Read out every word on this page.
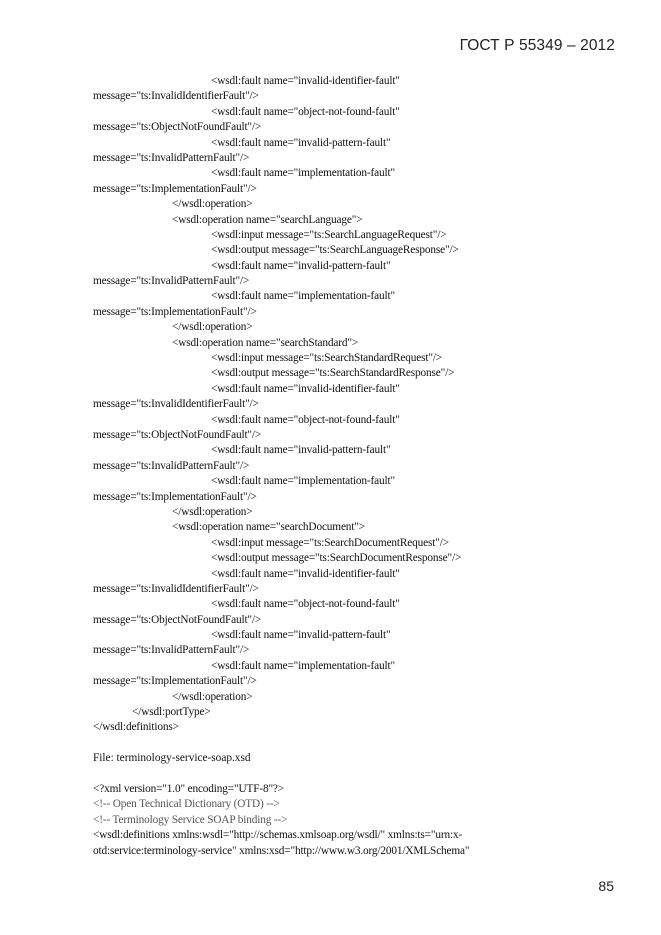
ГОСТ Р 55349 – 2012
<wsdl:fault name="invalid-identifier-fault"
message="ts:InvalidIdentifierFault"/>
<wsdl:fault name="object-not-found-fault"
message="ts:ObjectNotFoundFault"/>
<wsdl:fault name="invalid-pattern-fault"
message="ts:InvalidPatternFault"/>
<wsdl:fault name="implementation-fault"
message="ts:ImplementationFault"/>
</wsdl:operation>
<wsdl:operation name="searchLanguage">
<wsdl:input message="ts:SearchLanguageRequest"/>
<wsdl:output message="ts:SearchLanguageResponse"/>
<wsdl:fault name="invalid-pattern-fault"
message="ts:InvalidPatternFault"/>
<wsdl:fault name="implementation-fault"
message="ts:ImplementationFault"/>
</wsdl:operation>
<wsdl:operation name="searchStandard">
<wsdl:input message="ts:SearchStandardRequest"/>
<wsdl:output message="ts:SearchStandardResponse"/>
<wsdl:fault name="invalid-identifier-fault"
message="ts:InvalidIdentifierFault"/>
<wsdl:fault name="object-not-found-fault"
message="ts:ObjectNotFoundFault"/>
<wsdl:fault name="invalid-pattern-fault"
message="ts:InvalidPatternFault"/>
<wsdl:fault name="implementation-fault"
message="ts:ImplementationFault"/>
</wsdl:operation>
<wsdl:operation name="searchDocument">
<wsdl:input message="ts:SearchDocumentRequest"/>
<wsdl:output message="ts:SearchDocumentResponse"/>
<wsdl:fault name="invalid-identifier-fault"
message="ts:InvalidIdentifierFault"/>
<wsdl:fault name="object-not-found-fault"
message="ts:ObjectNotFoundFault"/>
<wsdl:fault name="invalid-pattern-fault"
message="ts:InvalidPatternFault"/>
<wsdl:fault name="implementation-fault"
message="ts:ImplementationFault"/>
</wsdl:operation>
</wsdl:portType>
</wsdl:definitions>
File: terminology-service-soap.xsd
<?xml version="1.0" encoding="UTF-8"?>
<!-- Open Technical Dictionary (OTD) -->
<!-- Terminology Service SOAP binding -->
<wsdl:definitions xmlns:wsdl="http://schemas.xmlsoap.org/wsdl/" xmlns:ts="urn:x-
otd:service:terminology-service" xmlns:xsd="http://www.w3.org/2001/XMLSchema"
85
